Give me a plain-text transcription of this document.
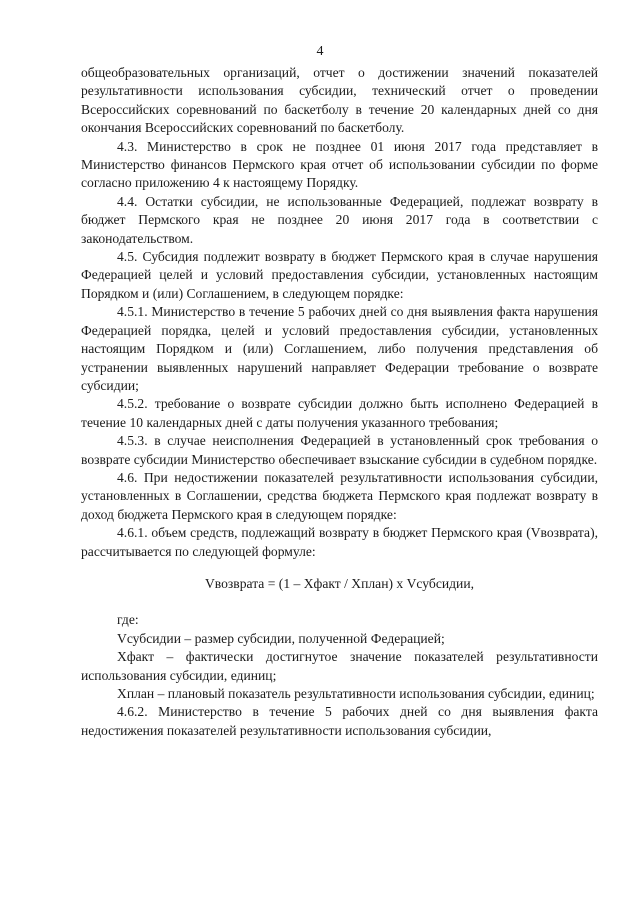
4

общеобразовательных организаций, отчет о достижении значений показателей результативности использования субсидии, технический отчет о проведении Всероссийских соревнований по баскетболу в течение 20 календарных дней со дня окончания Всероссийских соревнований по баскетболу.

4.3. Министерство в срок не позднее 01 июня 2017 года представляет в Министерство финансов Пермского края отчет об использовании субсидии по форме согласно приложению 4 к настоящему Порядку.

4.4. Остатки субсидии, не использованные Федерацией, подлежат возврату в бюджет Пермского края не позднее 20 июня 2017 года в соответствии с законодательством.

4.5. Субсидия подлежит возврату в бюджет Пермского края в случае нарушения Федерацией целей и условий предоставления субсидии, установленных настоящим Порядком и (или) Соглашением, в следующем порядке:

4.5.1. Министерство в течение 5 рабочих дней со дня выявления факта нарушения Федерацией порядка, целей и условий предоставления субсидии, установленных настоящим Порядком и (или) Соглашением, либо получения представления об устранении выявленных нарушений направляет Федерации требование о возврате субсидии;

4.5.2. требование о возврате субсидии должно быть исполнено Федерацией в течение 10 календарных дней с даты получения указанного требования;

4.5.3. в случае неисполнения Федерацией в установленный срок требования о возврате субсидии Министерство обеспечивает взыскание субсидии в судебном порядке.

4.6. При недостижении показателей результативности использования субсидии, установленных в Соглашении, средства бюджета Пермского края подлежат возврату в доход бюджета Пермского края в следующем порядке:

4.6.1. объем средств, подлежащий возврату в бюджет Пермского края (Vвозврата), рассчитывается по следующей формуле:

Vвозврата = (1 – Xфакт / Xплан) х Vсубсидии,

где:

Vсубсидии – размер субсидии, полученной Федерацией;

Xфакт – фактически достигнутое значение показателей результативности использования субсидии, единиц;

Xплан – плановый показатель результативности использования субсидии, единиц;

4.6.2. Министерство в течение 5 рабочих дней со дня выявления факта недостижения показателей результативности использования субсидии,
